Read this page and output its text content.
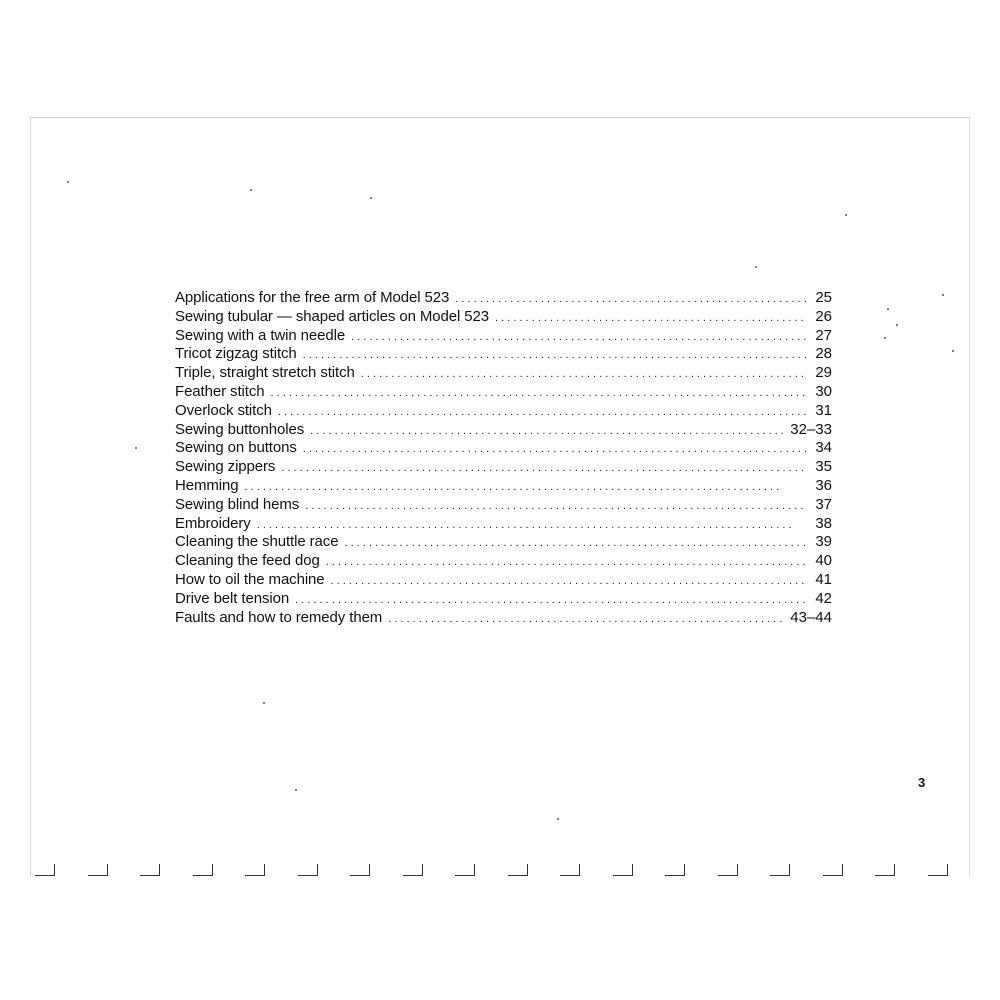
Applications for the free arm of Model 523 . . .	25
Sewing tubular — shaped articles on Model 523 . . .	26
Sewing with a twin needle . . .	27
Tricot zigzag stitch . . .	28
Triple, straight stretch stitch . . .	29
Feather stitch . . .	30
Overlock stitch . . .	31
Sewing buttonholes . . .	32–33
Sewing on buttons . . .	34
Sewing zippers . . .	35
Hemming . . .	36
Sewing blind hems . . .	37
Embroidery . . .	38
Cleaning the shuttle race . . .	39
Cleaning the feed dog . . .	40
How to oil the machine . . .	41
Drive belt tension . . .	42
Faults and how to remedy them . . .	43–44
3
